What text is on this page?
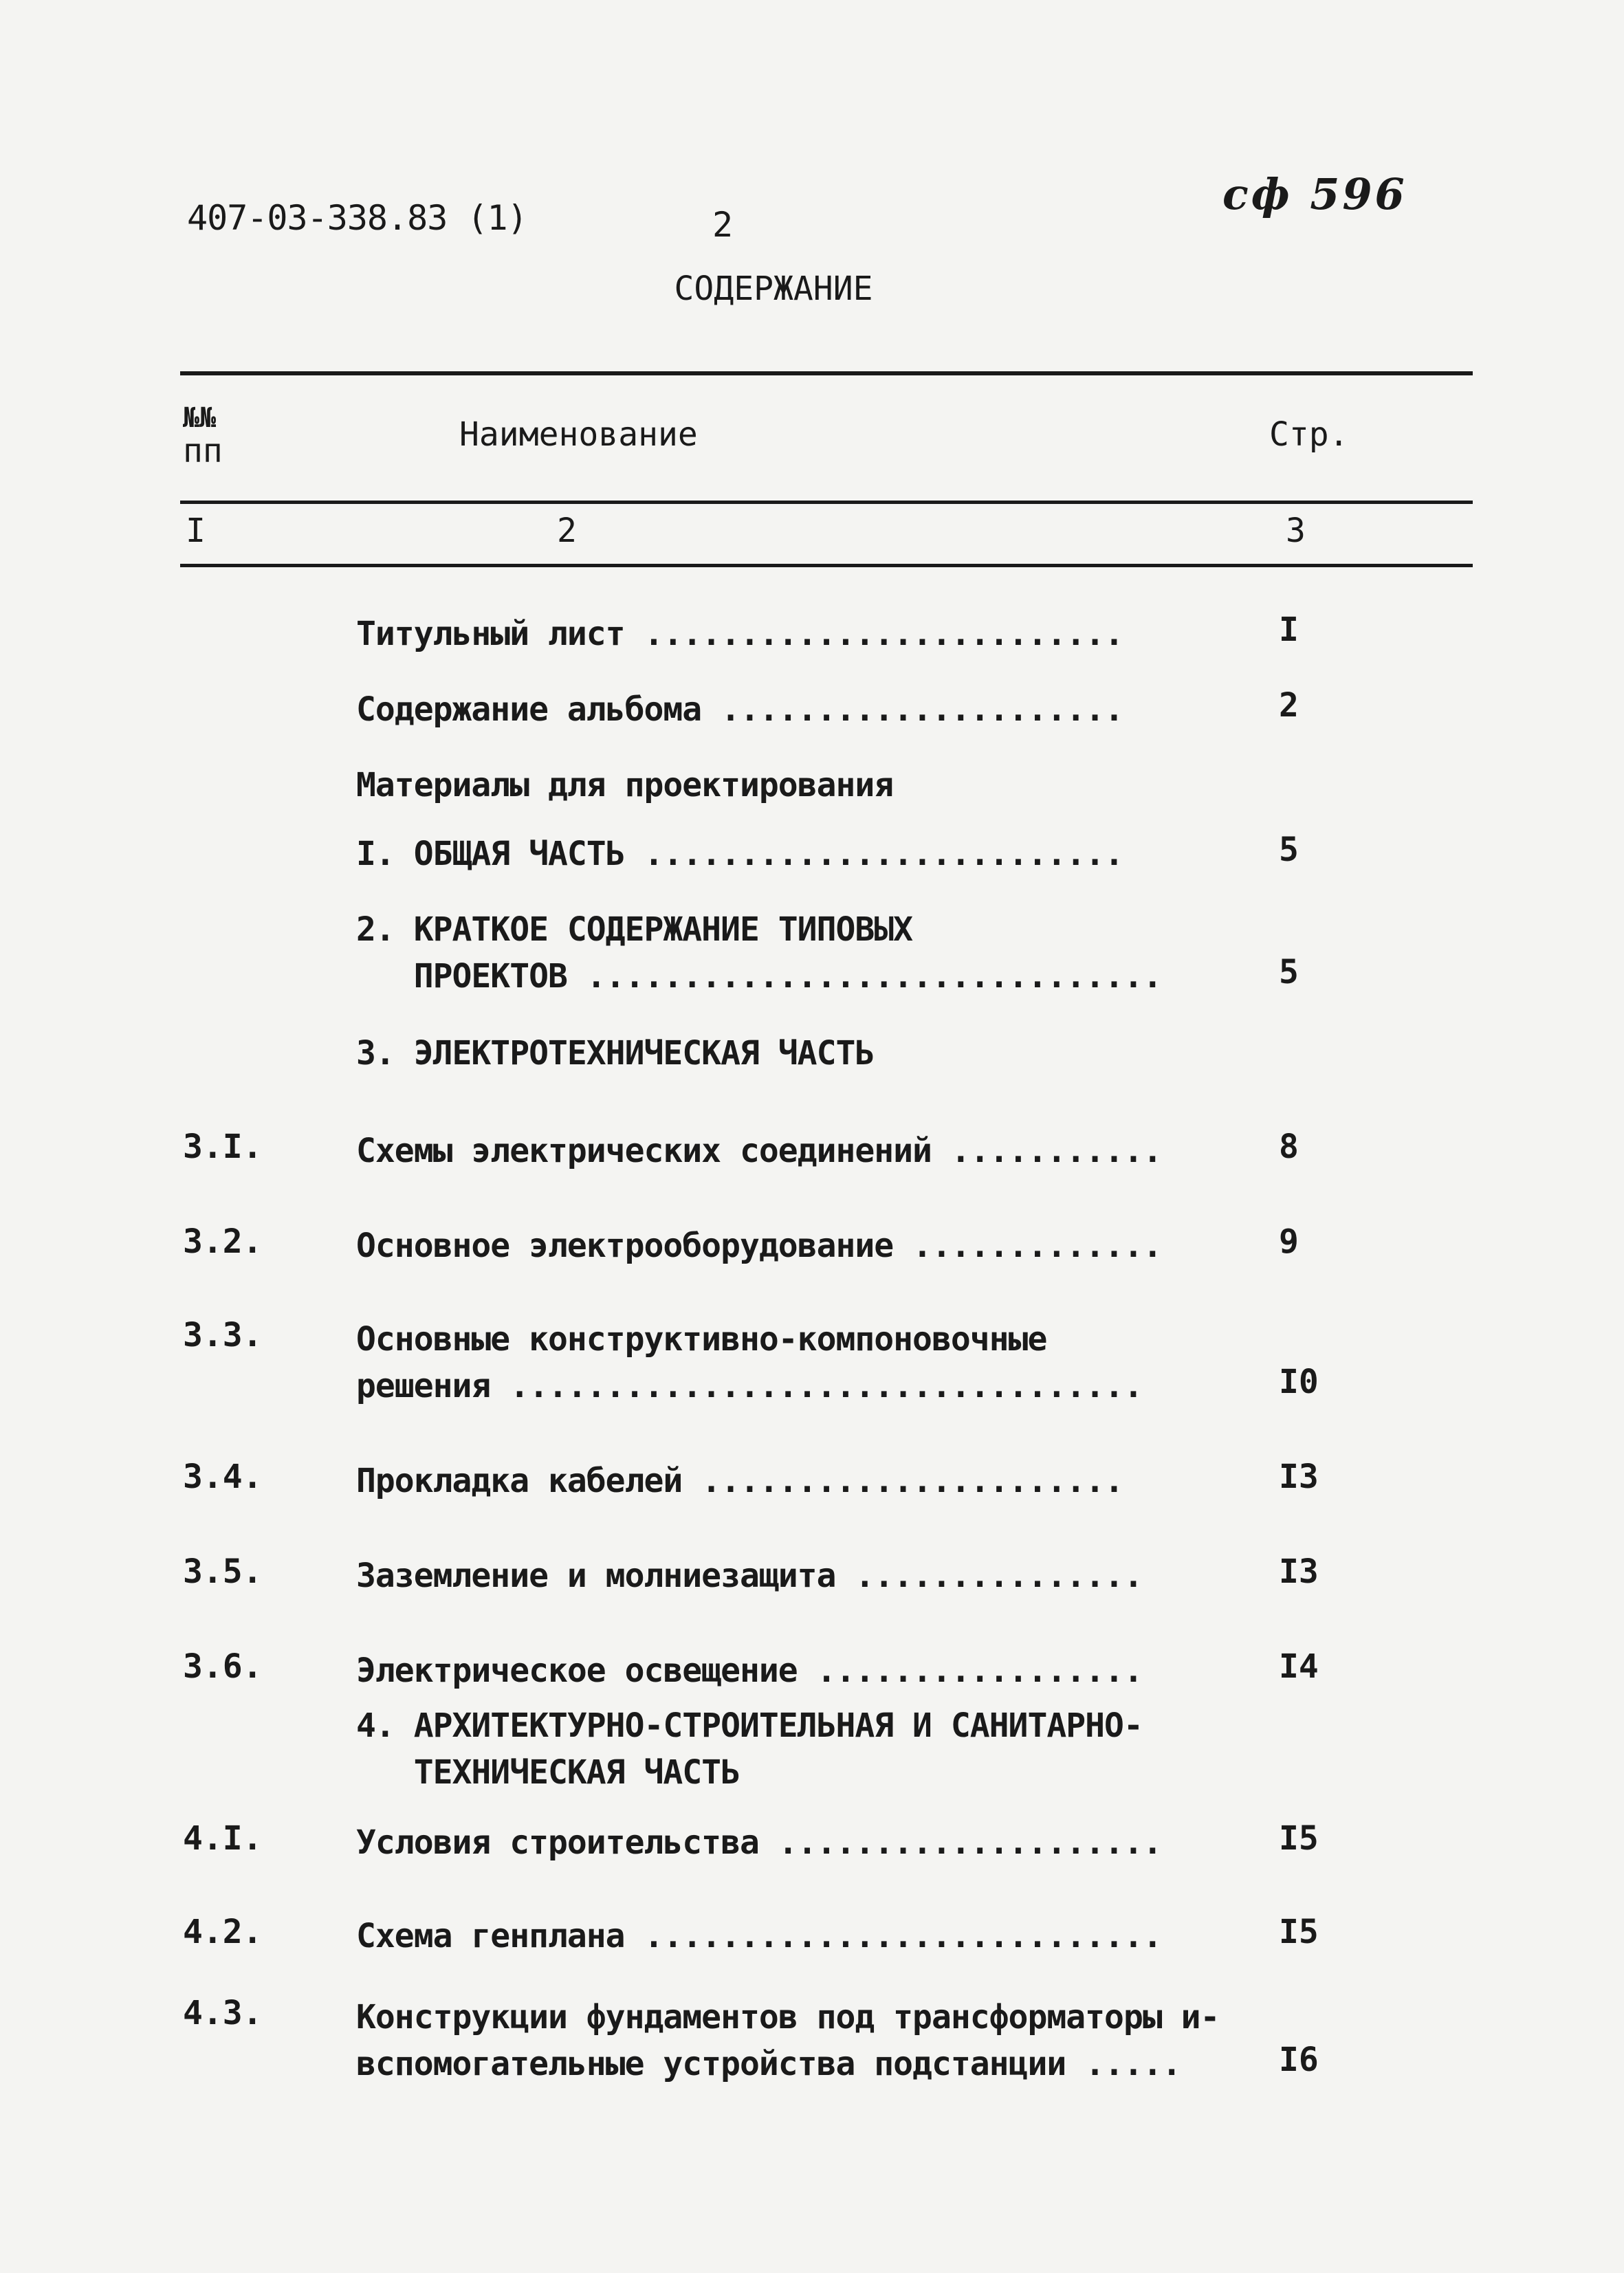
407-03-338.83 (1)	2
сф 596
СОДЕРЖАНИЕ
№№
пп	Наименование	Стр.
I	2	3
Титульный лист .........................	I
Содержание альбома .....................	2
Материалы для проектирования
I. ОБЩАЯ ЧАСТЬ .........................	5
2. КРАТКОЕ СОДЕРЖАНИЕ ТИПОВЫХ
ПРОЕКТОВ ..............................	5
3. ЭЛЕКТРОТЕХНИЧЕСКАЯ ЧАСТЬ
3.I.	Схемы электрических соединений ...........	8
3.2.	Основное электрооборудование .............	9
3.3.	Основные конструктивно-компоновочные
решения .................................	I0
3.4.	Прокладка кабелей ......................	I3
3.5.	Заземление и молниезащита ...............	I3
3.6.	Электрическое освещение .................	I4
4. АРХИТЕКТУРНО-СТРОИТЕЛЬНАЯ И САНИТАРНО-
ТЕХНИЧЕСКАЯ ЧАСТЬ
4.I.	Условия строительства ....................	I5
4.2.	Схема генплана ...........................	I5
4.3.	Конструкции фундаментов под трансформаторы и-
вспомогательные устройства подстанции .....	I6
